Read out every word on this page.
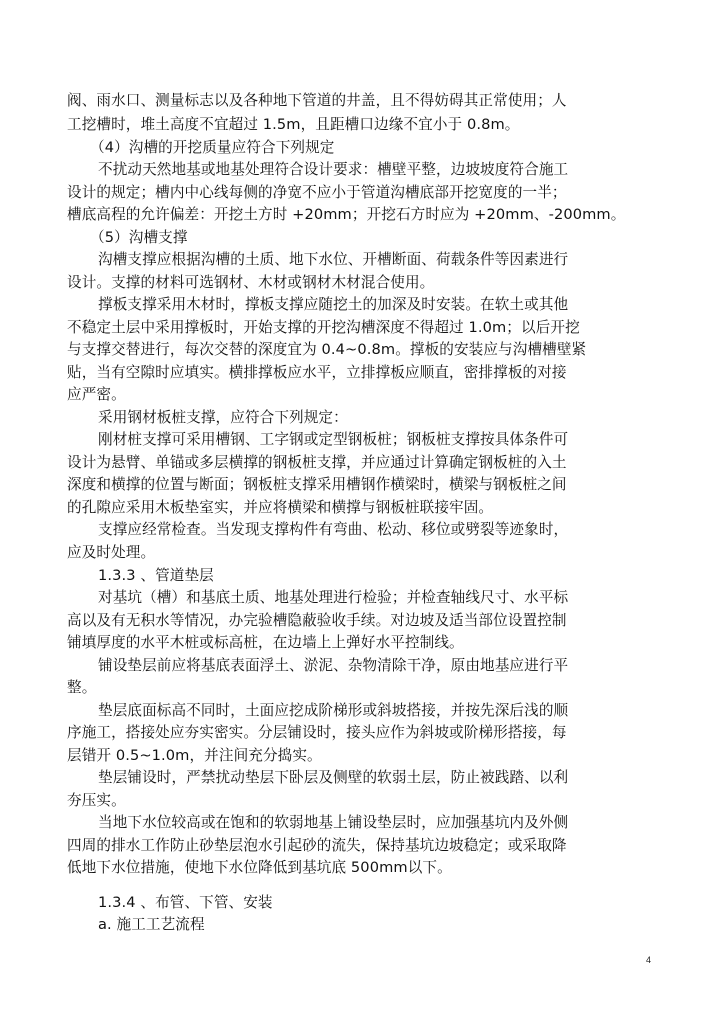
阀、雨水口、测量标志以及各种地下管道的井盖，且不得妨碍其正常使用；人
工挖槽时，堆土高度不宜超过 1.5m，且距槽口边缘不宜小于 0.8m。
（4）沟槽的开挖质量应符合下列规定
不扰动天然地基或地基处理符合设计要求：槽壁平整，边坡坡度符合施工
设计的规定；槽内中心线每侧的净宽不应小于管道沟槽底部开挖宽度的一半；
槽底高程的允许偏差：开挖土方时 +20mm；开挖石方时应为 +20mm、-200mm。
（5）沟槽支撑
沟槽支撑应根据沟槽的土质、地下水位、开槽断面、荷载条件等因素进行
设计。支撑的材料可选钢材、木材或钢材木材混合使用。
撑板支撑采用木材时，撑板支撑应随挖土的加深及时安装。在软土或其他
不稳定土层中采用撑板时，开始支撑的开挖沟槽深度不得超过 1.0m；以后开挖
与支撑交替进行，每次交替的深度宜为 0.4~0.8m。撑板的安装应与沟槽槽壁紧
贴，当有空隙时应填实。横排撑板应水平，立排撑板应顺直，密排撑板的对接
应严密。
采用钢材板桩支撑，应符合下列规定：
刚材桩支撑可采用槽钢、工字钢或定型钢板桩；钢板桩支撑按具体条件可
设计为悬臂、单锚或多层横撑的钢板桩支撑，并应通过计算确定钢板桩的入土
深度和横撑的位置与断面；钢板桩支撑采用槽钢作横梁时，横梁与钢板桩之间
的孔隙应采用木板垫室实，并应将横梁和横撑与钢板桩联接牢固。
支撑应经常检查。当发现支撑构件有弯曲、松动、移位或劈裂等迹象时，
应及时处理。
1.3.3 、管道垫层
对基坑（槽）和基底土质、地基处理进行检验；并检查轴线尺寸、水平标
高以及有无积水等情况，办完验槽隐蔽验收手续。对边坡及适当部位设置控制
铺填厚度的水平木桩或标高桩，在边墙上上弹好水平控制线。
铺设垫层前应将基底表面浮土、淤泥、杂物清除干净，原由地基应进行平
整。
垫层底面标高不同时，土面应挖成阶梯形或斜坡搭接，并按先深后浅的顺
序施工，搭接处应夯实密实。分层铺设时，接头应作为斜坡或阶梯形搭接，每
层错开 0.5~1.0m，并注间充分捣实。
垫层铺设时，严禁扰动垫层下卧层及侧壁的软弱土层，防止被践踏、以利
夯压实。
当地下水位较高或在饱和的软弱地基上铺设垫层时，应加强基坑内及外侧
四周的排水工作防止砂垫层泡水引起砂的流失，保持基坑边坡稳定；或采取降
低地下水位措施，使地下水位降低到基坑底 500mm以下。
1.3.4 、布管、下管、安装
a. 施工工艺流程
4
